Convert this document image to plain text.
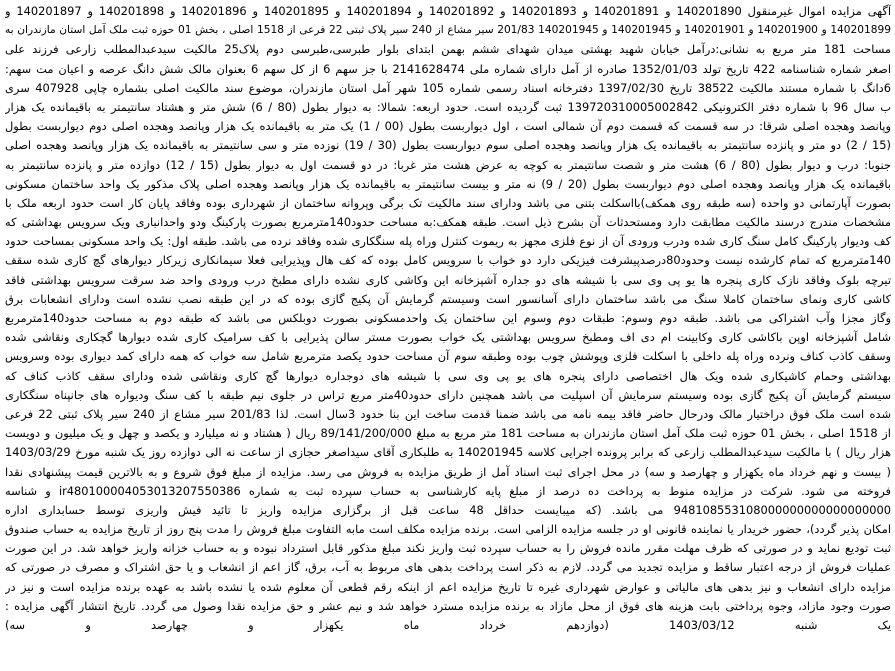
آگهی مزایده اموال غیرمنقول 140201890 و 140201891 و 140201893 و 140201892 و 140201894 و 140201895 و 140201896 و 140201898 و 140201897 و
140201899 و 140201900 و 140201901 و 140201945 و 140201945 201/83 سیر مشاع از 240 سیر پلاک ثبتی 22 فرعی از 1518 اصلی ، بخش 01 حوزه ثبت ملک آمل استان مازندران به
مساحت 181 متر مربع به نشانی:درآمل خیابان شهید بهشتی میدان شهدای ششم بهمن ابتدای بلوار طبرسی،طبرسی دوم پلاک25 مالکیت سیدعبدالمطلب زارعی فرزند علی
اصغر شماره شناسنامه 422 تاریخ تولد 1352/01/03 صادره از آمل دارای شماره ملی 2141628474 با جز سهم 6 از کل سهم 6 بعنوان مالک شش دانگ عرصه و اعیان مت سهم:
6دانگ با شماره مستند مالکیت 38522 تاریخ 1397/02/30 دفترخانه اسناد رسمی شماره 105 شهر آمل استان مازندران، موضوع سند مالکیت اصلی بشماره چاپی 407928 سری
ب سال 96 با شماره دفتر الکترونیکی 139720310005002842 ثبت گردیده است. حدود اربعه: شمالا: به دیوار بطول (80 / 6) شش متر و هشتاد سانتیمتر به باقیمانده یک هزار
وپانصد وهجده اصلی شرقا: در سه قسمت که قسمت دوم آن شمالی است ، اول دیواربست بطول (00 / 1) یک متر به باقیمانده یک هزار وپانصد وهجده اصلی دوم دیواربست بطول
(15 / 2) دو متر و پانزده سانتیمتر به باقیمانده یک هزار وپانصد وهجده اصلی سوم دیواربست بطول (30 / 19) نوزده متر و سی سانتیمتر به باقیمانده یک هزار وپانصد وهجده اصلی
جنوبا: درب و دیوار بطول (80 / 6) هشت متر و شصت سانتیمتر به کوچه به عرض هشت متر غربا: در دو قسمت اول به دیوار بطول (15 / 12) دوازده متر و پانزده سانتیمتر به
باقیمانده یک هزار وپانصد وهجده اصلی دوم دیواربست بطول (20 / 9) نه متر و بیست سانتیمتر به باقیمانده یک هزار وپانصد وهجده اصلی پلاک مذکور یک واحد ساختمان مسکونی
بصورت آپارتمانی دو واحده (سه طبقه روی همکف)بااسکلت بتنی می باشد ودارای سند مالکیت تک برگی وپروانه ساختمان از شهرداری بوده وفاقد پایان کار است حدود اربعه ملک با
مشخصات مندرج درسند مالکیت مطابقت دارد ومستحدثات آن بشرح ذیل است. طبقه همکف:به مساحت حدود140مترمربع بصورت پارکینگ ودو واحدانباری ویک سرویس بهداشتی که
کف ودیوار پارکینگ کامل سنگ کاری شده ودرب ورودی آن از نوع فلزی مجهز به ریموت کنترل وراه پله سنگکاری شده وفاقد نرده می باشد. طبقه اول: یک واحد مسکونی بمساحت حدود
140مترمربع که تمام کارشده نیست وحدود80درصدپیشرفت فیزیکی دارد دو خواب با سرویس کامل بوده که کف هال وپذیرایی فعلا سیمانکاری زیرکار دیوارهای گچ کاری شده سقف
تیرچه بلوک وفاقد نازک کاری پنجره ها یو پی وی سی با شیشه های دو جداره آشپزخانه این وکاشی کاری نشده دارای مطبخ درب ورودی واحد ضد سرقت سرویس بهداشتی فاقد
کاشی کاری ونمای ساختمان کاملا سنگ می باشد ساختمان دارای آسانسور است وسیستم گرمایش آن پکیج گازی بوده که در این طبقه نصب نشده است ودارای انشعابات برق
وگاز مجزا وآب اشتراکی می باشد. طبقه دوم وسوم: طبقات دوم وسوم این ساختمان یک واحدمسکونی بصورت دوبلکس می باشد که طبقه دوم به مساحت حدود140مترمربع
شامل آشپزخانه اوپن باکاشی کاری وکابینت ام دی اف ومطبخ سرویس بهداشتی یک خواب بصورت مستر سالن پذیرایی با کف سرامیک کاری شده دیوارها گچکاری ونقاشی شده
وسقف کاذب کناف ونرده وراه پله داخلی با اسکلت فلزی وپوشش چوب بوده وطبقه سوم آن مساحت حدود یکصد مترمربع شامل سه خواب که همه دارای کمد دیواری بوده وسرویس
بهداشتی وحمام کاشیکاری شده ویک هال اختصاصی دارای پنجره های یو پی وی سی با شیشه های دوجداره دیوارها گچ کاری ونقاشی شده ودارای سقف کاذب کناف که
سیستم گرمایش آن پکیج گازی بوده وسیستم سرمایش آن اسپلیت می باشد همچنین دارای حدود40متر مربع تراس در جلوی نیم طبقه با کف سنگ ودیواره های جانپناه سنگکاری
شده است ملک فوق دراختیار مالک ودرحال حاضر فاقد بیمه نامه می باشد ضمنا قدمت ساخت این بنا حدود 3سال است. لذا 201/83 سیر مشاع از 240 سیر پلاک ثبتی 22 فرعی
از 1518 اصلی ، بخش 01 حوزه ثبت ملک آمل استان مازندران به مساحت 181 متر مربع به مبلغ 89/141/200/000 ریال ( هشتاد و نه میلیارد و یکصد و چهل و یک میلیون و دویست
هزار ریال ) با مالکیت سیدعبدالمطلب زارعی که برابر پرونده اجرایی کلاسه 140201945 به طلبکاری آقای سیداصغر حجازی از ساعت نه الی دوازده روز یک شنبه مورخ 1403/03/29
( بیست و نهم خرداد ماه یکهزار و چهارصد و سه) در محل اجرای ثبت اسناد آمل از طریق مزایده به فروش می رسد. مزایده از مبلغ فوق شروع و به بالاترین قیمت پیشنهادی نقدا
فروخته می شود. شرکت در مزایده منوط به پرداخت ده درصد از مبلغ پایه کارشناسی به حساب سپرده ثبت به شماره ir480100004053013207550386 و شناسه
948108553108000000000000000000 می باشد. (که میبایست حداقل 48 ساعت قبل از برگزاری مزایده واریز تا تائید فیش واریزی توسط حسابداری اداره
امکان پذیر گردد)، حضور خریدار یا نماینده قانونی او در جلسه مزایده الزامی است. برنده مزایده مکلف است مابه التفاوت مبلغ فروش را مدت پنج روز از تاریخ مزایده به حساب صندوق
ثبت تودیع نماید و در صورتی که ظرف مهلت مقرر مانده فروش را به حساب سپرده ثبت واریز نکند مبلغ مذکور قابل استرداد نبوده و به حساب خزانه واریز خواهد شد. در این صورت
عملیات فروش از درجه اعتبار ساقط و مزایده تجدید می گردد. لازم به ذکر است پرداخت بدهی های مربوط به آب، برق، گاز اعم از انشعاب و یا حق اشتراک و مصرف در صورتی که
مزایده دارای انشعاب و نیز بدهی های مالیاتی و عوارض شهرداری غیره تا تاریخ مزایده اعم از اینکه رقم قطعی آن معلوم شده یا نشده باشد به عهده برنده مزایده است و نیز در
صورت وجود مازاد، وجوه پرداختی بابت هزینه های فوق از محل مازاد به برنده مزایده مسترد خواهد شد و نیم عشر و حق مزایده نقدا وصول می گردد. تاریخ انتشار آگهی مزایده :
یک شنبه 1403/03/12 (دوازدهم خرداد ماه یکهزار و چهارصد و سه)
